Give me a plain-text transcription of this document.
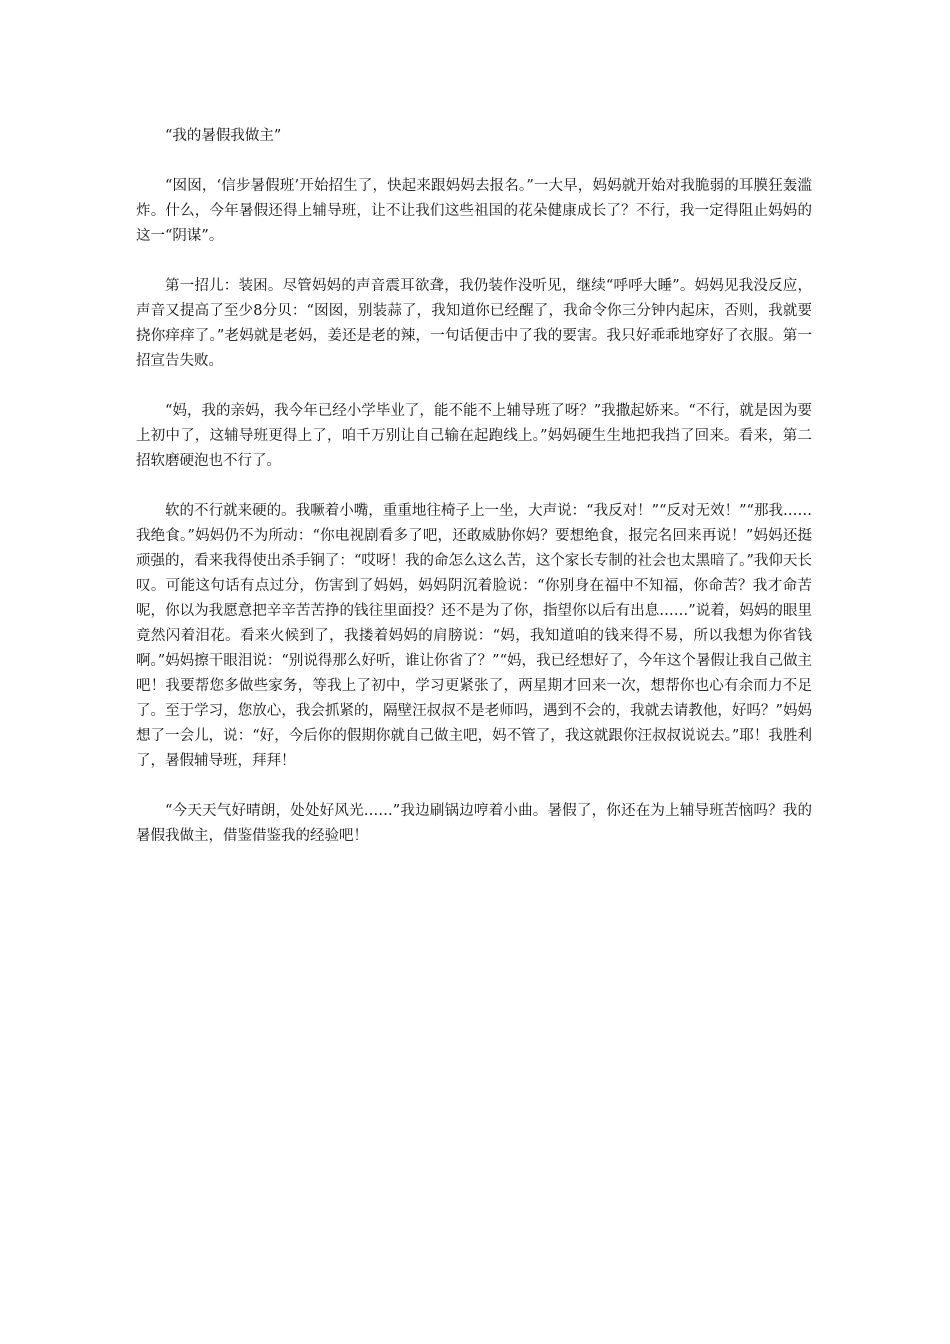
“我的暑假我做主”
“囡囡，‘信步暑假班’开始招生了，快起来跟妈妈去报名。”一大早，妈妈就开始对我脆弱的耳膜狂轰滥炸。什么，今年暑假还得上辅导班，让不让我们这些祖国的花朵健康成长了？不行，我一定得阻止妈妈的这一“阴谋”。
第一招儿：装困。尽管妈妈的声音震耳欲聋，我仍装作没听见，继续“呼呼大睡”。妈妈见我没反应，声音又提高了至少8分贝：“囡囡，别装蒜了，我知道你已经醒了，我命令你三分钟内起床，否则，我就要挠你痒痒了。”老妈就是老妈，姜还是老的辣，一句话便击中了我的要害。我只好乖乖地穿好了衣服。第一招宣告失败。
“妈，我的亲妈，我今年已经小学毕业了，能不能不上辅导班了呀？”我撒起娇来。“不行，就是因为要上初中了，这辅导班更得上了，咱千万别让自己输在起跑线上。”妈妈硬生生地把我挡了回来。看来，第二招软磨硬泡也不行了。
软的不行就来硬的。我噘着小嘴，重重地往椅子上一坐，大声说：“我反对！”“反对无效！”“那我……我绝食。”妈妈仍不为所动：“你电视剧看多了吧，还敢威胁你妈？要想绝食，报完名回来再说！”妈妈还挺顽强的，看来我得使出杀手锏了：“哎呀！我的命怎么这么苦，这个家长专制的社会也太黑暗了。”我仰天长叹。可能这句话有点过分，伤害到了妈妈，妈妈阴沉着脸说：“你别身在福中不知福，你命苦？我才命苦呢，你以为我愿意把辛辛苦苦挣的钱往里面投？还不是为了你，指望你以后有出息……”说着，妈妈的眼里竟然闪着泪花。看来火候到了，我搂着妈妈的肩膀说：“妈，我知道咱的钱来得不易，所以我想为你省钱啊。”妈妈擦干眼泪说：“别说得那么好听，谁让你省了？”“妈，我已经想好了，今年这个暑假让我自己做主吧！我要帮您多做些家务，等我上了初中，学习更紧张了，两星期才回来一次，想帮你也心有余而力不足了。至于学习，您放心，我会抓紧的，隔壁汪叔叔不是老师吗，遇到不会的，我就去请教他，好吗？”妈妈想了一会儿，说：“好，今后你的假期你就自己做主吧，妈不管了，我这就跟你汪叔叔说说去。”耶！我胜利了，暑假辅导班，拜拜！
“今天天气好晴朗，处处好风光……”我边刷锅边哼着小曲。暑假了，你还在为上辅导班苦恼吗？我的暑假我做主，借鉴借鉴我的经验吧！
